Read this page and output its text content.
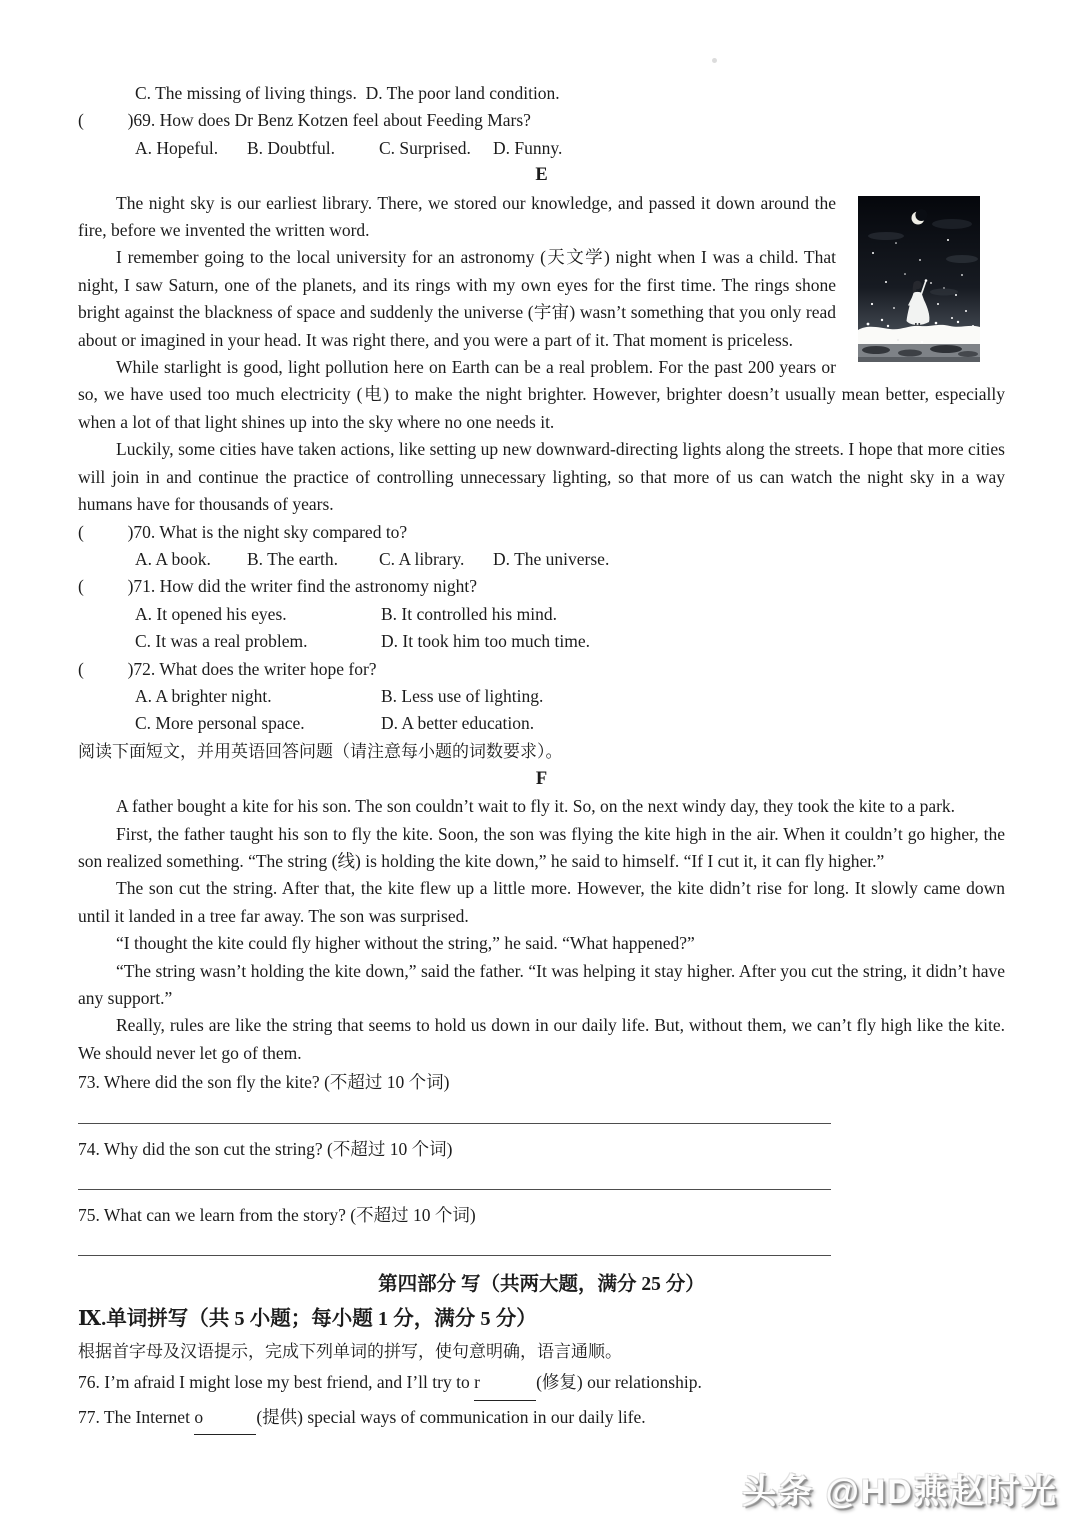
C. The missing of living things.  D. The poor land condition.
(          )69. How does Dr Benz Kotzen feel about Feeding Mars?
A. Hopeful. B. Doubtful.	C. Surprised. D. Funny.
E

The night sky is our earliest library. There, we stored our knowledge, and passed it down around the fire, before we invented the written word.

I remember going to the local university for an astronomy (天文学) night when I was a child. That night, I saw Saturn, one of the planets, and its rings with my own eyes for the first time. The rings shone bright against the blackness of space and suddenly the universe (宇宙) wasn’t something that you only read about or imagined in your head. It was right there, and you were a part of it. That moment is priceless.

While starlight is good, light pollution here on Earth can be a real problem. For the past 200 years or so, we have used too much electricity (电) to make the night brighter. However, brighter doesn’t usually mean better, especially when a lot of that light shines up into the sky where no one needs it.

Luckily, some cities have taken actions, like setting up new downward-directing lights along the streets. I hope that more cities will join in and continue the practice of controlling unnecessary lighting, so that more of us can watch the night sky in a way humans have for thousands of years.

(          )70. What is the night sky compared to?
A. A book. B. The earth. C. A library. D. The universe.
(          )71. How did the writer find the astronomy night?
A. It opened his eyes.	B. It controlled his mind.
C. It was a real problem.	D. It took him too much time.
(          )72. What does the writer hope for?
A. A brighter night.	B. Less use of lighting.
C. More personal space.	D. A better education.
阅读下面短文，并用英语回答问题（请注意每小题的词数要求）。
F

A father bought a kite for his son. The son couldn’t wait to fly it. So, on the next windy day, they took the kite to a park.

First, the father taught his son to fly the kite. Soon, the son was flying the kite high in the air. When it couldn’t go higher, the son realized something. “The string (线) is holding the kite down,” he said to himself. “If I cut it, it can fly higher.”

The son cut the string. After that, the kite flew up a little more. However, the kite didn’t rise for long. It slowly came down until it landed in a tree far away. The son was surprised.

“I thought the kite could fly higher without the string,” he said. “What happened?”

“The string wasn’t holding the kite down,” said the father. “It was helping it stay higher. After you cut the string, it didn’t have any support.”

Really, rules are like the string that seems to hold us down in our daily life. But, without them, we can’t fly high like the kite. We should never let go of them.

73. Where did the son fly the kite? (不超过 10 个词)
74. Why did the son cut the string? (不超过 10 个词)
75. What can we learn from the story? (不超过 10 个词)
第四部分 写（共两大题，满分 25 分）
Ⅸ.单词拼写（共 5 小题；每小题 1 分，满分 5 分）
根据首字母及汉语提示，完成下列单词的拼写，使句意明确，语言通顺。
76. I’m afraid I might lose my best friend, and I’ll try to r	(修复) our relationship.
77. The Internet o	(提供) special ways of communication in our daily life.
头条 @HD燕赵时光
